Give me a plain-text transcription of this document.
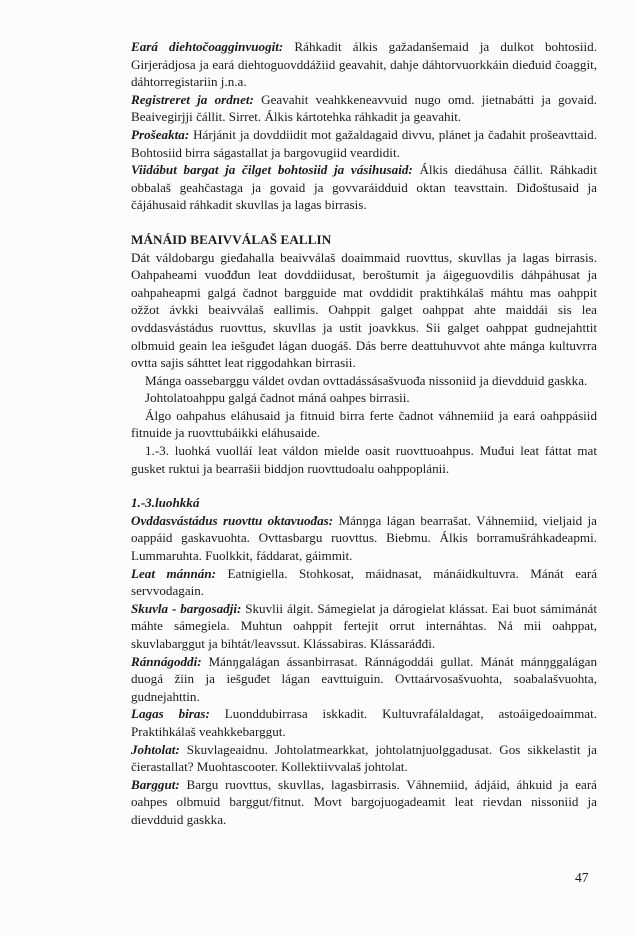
Eará diehtočoagginvuogit: Ráhkadit álkis gažadanšemaid ja dulkot bohtosiid. Girjerádjosa ja eará diehtoguovddážiid geavahit, dahje dáhtorvuorkkáin dieđuid čoaggit, dáhtorregistariin j.n.a.

Registreret ja ordnet: Geavahit veahkkeneavvuid nugo omd. jietnabátti ja govaid. Beaivegirjji čállit. Sirret. Álkis kártotehka ráhkadit ja geavahit.

Prošeakta: Hárjánit ja dovddiidit mot gažaldagaid divvu, plánet ja čađahit prošeavttaid. Bohtosiid birra ságastallat ja bargovugiid veardidit.

Viidábut bargat ja čilget bohtosiid ja vásihusaid: Álkis diedáhusa čállit. Ráhkadit obbalaš geahčastaga ja govaid ja govvaráidduid oktan teavsttain. Diđoštusaid ja čájáhusaid ráhkadit skuvllas ja lagas birrasis.

MÁNÁID BEAIVVÁLAŠ EALLIN

Dát váldobargu gieđahalla beaivválaš doaimmaid ruovttus, skuvllas ja lagas birrasis. Oahpaheami vuođđun leat dovddiidusat, beroštumit ja áigeguovdilis dáhpáhusat ja oahpaheapmi galgá čadnot bargguide mat ovddidit praktihkálaš máhtu mas oahppit ožžot ávkki beaivválaš eallimis. Oahppit galget oahppat ahte maiddái sis lea ovddasvástádus ruovttus, skuvllas ja ustit joavkkus. Sii galget oahppat gudnejahttit olbmuid geain lea iešguđet lágan duogáš. Dás berre deattuhuvvot ahte mánga kultuvrra ovtta sajis sáhttet leat riggodahkan birrasii.

Mánga oassebarggu váldet ovdan ovttadássásašvuođa nissoniid ja dievdduid gaskka.

Johtolatoahppu galgá čadnot máná oahpes birrasii.

Álgo oahpahus eláhusaid ja fitnuid birra ferte čadnot váhnemiid ja eará oahppásiid fitnuide ja ruovttubáikki eláhusaide.

1.-3. luohká vuolláí leat váldon mielde oasit ruovttuoahpus. Muđui leat fáttat mat gusket ruktui ja bearrašii biddjon ruovttudoalu oahppoplánii.

1.-3.luohkká

Ovddasvástádus ruovttu oktavuođas: Mánŋga lágan bearrašat. Váhnemiid, vieljaid ja oappáid gaskavuohta. Ovttasbargu ruovttus. Biebmu. Álkis borramušráhkadeapmi. Lummaruhta. Fuolkkit, fáddarat, gáimmit.

Leat mánnán: Eatnigiella. Stohkosat, máidnasat, mánáidkultuvra. Mánát eará servvodagain.

Skuvla - bargosadji: Skuvlii álgit. Sámegielat ja dárogielat klássat. Eai buot sámimánát máhte sámegiela. Muhtun oahppit fertejit orrut internáhtas. Ná mii oahppat, skuvlabarggut ja bihtát/leavssut. Klássabiras. Klássaráđđi.

Ránnágoddi: Mánŋgalágan ássanbirrasat. Ránnágoddái gullat. Mánát mánŋggalágan duogá žiin ja iešguđet lágan eavttuiguin. Ovttaárvosašvuohta, soabalašvuohta, gudnejahttin.

Lagas biras: Luonddubirrasa iskkadit. Kultuvrafálaldagat, astoáigedoaimmat. Praktihkálaš veahkkebarggut.

Johtolat: Skuvlageaidnu. Johtolatmearkkat, johtolatnjuolggadusat. Gos sikkelastit ja čierastallat? Muohtascooter. Kollektiivvalaš johtolat.

Barggut: Bargu ruovttus, skuvllas, lagasbirrasis. Váhnemiid, ádjáid, áhkuid ja eará oahpes olbmuid barggut/fitnut. Movt bargojuogadeamit leat rievdan nissoniid ja dievdduid gaskka.

47
